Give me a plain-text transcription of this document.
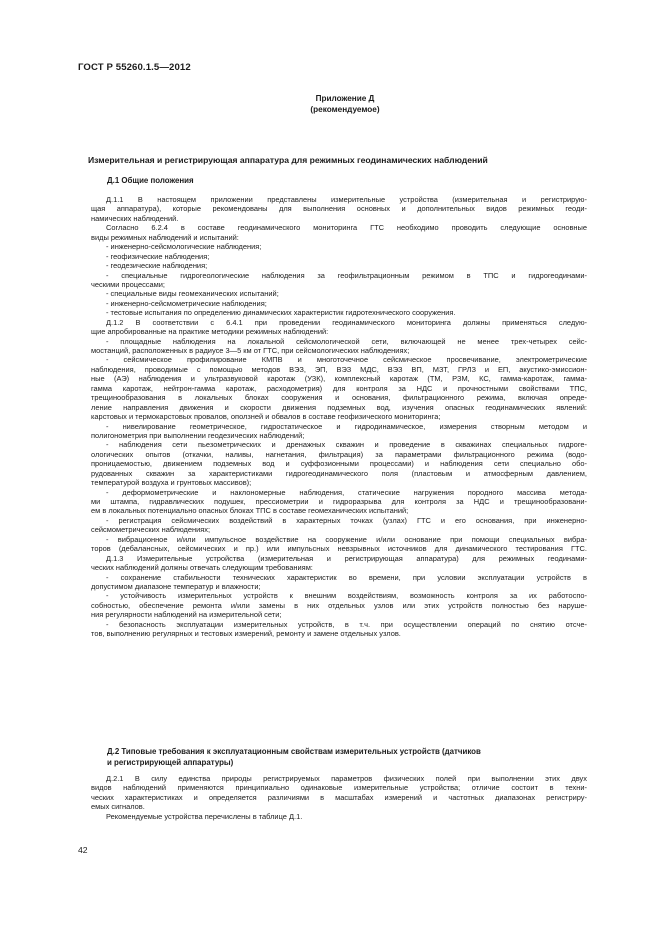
ГОСТ Р 55260.1.5—2012
Приложение Д
(рекомендуемое)
Измерительная и регистрирующая аппаратура для режимных геодинамических наблюдений
Д.1 Общие положения
Д.1.1 В настоящем приложении представлены измерительные устройства (измерительная и регистрирую-
щая аппаратура), которые рекомендованы для выполнения основных и дополнительных видов режимных геоди-
намических наблюдений.
Согласно 6.2.4 в составе геодинамического мониторинга ГТС необходимо проводить следующие основные
виды режимных наблюдений и испытаний:
- инженерно-сейсмологические наблюдения;
- геофизические наблюдения;
- геодезические наблюдения;
- специальные гидрогеологические наблюдения за геофильтрационным режимом в ТПС и гидрогеодинами-
ческими процессами;
- специальные виды геомеханических испытаний;
- инженерно-сейсмометрические наблюдения;
- тестовые испытания по определению динамических характеристик гидротехнического сооружения.
Д.1.2 В соответствии с 6.4.1 при проведении геодинамического мониторинга должны применяться следую-
щие апробированные на практике методики режимных наблюдений:
- площадные наблюдения на локальной сейсмологической сети, включающей не менее трех-четырех сейс-
мостанций, расположенных в радиусе 3—5 км от ГТС, при сейсмологических наблюдениях;
- сейсмическое профилирование КМПВ и многоточечное сейсмическое просвечивание, электрометрические
наблюдения, проводимые с помощью методов ВЭЗ, ЭП, ВЭЗ МДС, ВЭЗ ВП, МЗТ, ГРЛЗ и ЕП, акустико-эмиссион-
ные (АЭ) наблюдения и ультразвуковой каротаж (УЗК), комплексный каротаж (ТМ, РЗМ, КС, гамма-каротаж, гамма-
гамма каротаж, нейтрон-гамма каротаж, расходометрия) для контроля за НДС и прочностными свойствами ТПС,
трещинообразования в локальных блоках сооружения и основания, фильтрационного режима, включая опреде-
ление направления движения и скорости движения подземных вод, изучения опасных геодинамических явлений:
карстовых и термокарстовых провалов, оползней и обвалов в составе геофизического мониторинга;
- нивелирование геометрическое, гидростатическое и гидродинамическое, измерения створным методом и
полигонометрия при выполнении геодезических наблюдений;
- наблюдения сети пьезометрических и дренажных скважин и проведение в скважинах специальных гидроге-
ологических опытов (откачки, наливы, нагнетания, фильтрация) за параметрами фильтрационного режима (водо-
проницаемостью, движением подземных вод и суффозионными процессами) и наблюдения сети специально обо-
рудованных скважин за характеристиками гидрогеодинамического поля (пластовым и атмосферным давлением,
температурой воздуха и грунтовых массивов);
- деформометрические и наклономерные наблюдения, статические нагружения породного массива метода-
ми штампа, гидравлических подушек, прессиометрии и гидроразрыва для контроля за НДС и трещинообразовани-
ем в локальных потенциально опасных блоках ТПС в составе геомеханических испытаний;
- регистрация сейсмических воздействий в характерных точках (узлах) ГТС и его основания, при инженерно-
сейсмометрических наблюдениях;
- вибрационное и/или импульсное воздействие на сооружение и/или основание при помощи специальных вибра-
торов (дебалансных, сейсмических и пр.) или импульсных невзрывных источников для динамического тестирования ГТС.
Д.1.3 Измерительные устройства (измерительная и регистрирующая аппаратура) для режимных геодинами-
ческих наблюдений должны отвечать следующим требованиям:
- сохранение стабильности технических характеристик во времени, при условии эксплуатации устройств в
допустимом диапазоне температур и влажности;
- устойчивость измерительных устройств к внешним воздействиям, возможность контроля за их работоспо-
собностью, обеспечение ремонта и/или замены в них отдельных узлов или этих устройств полностью без наруше-
ния регулярности наблюдений на измерительной сети;
- безопасность эксплуатации измерительных устройств, в т.ч. при осуществлении операций по снятию отсче-
тов, выполнению регулярных и тестовых измерений, ремонту и замене отдельных узлов.
Д.2 Типовые требования к эксплуатационным свойствам измерительных устройств (датчиков
и регистрирующей аппаратуры)
Д.2.1 В силу единства природы регистрируемых параметров физических полей при выполнении этих двух
видов наблюдений применяются принципиально одинаковые измерительные устройства; отличие состоит в техни-
ческих характеристиках и определяется различиями в масштабах измерений и частотных диапазонах регистриру-
емых сигналов.
Рекомендуемые устройства перечислены в таблице Д.1.
42
